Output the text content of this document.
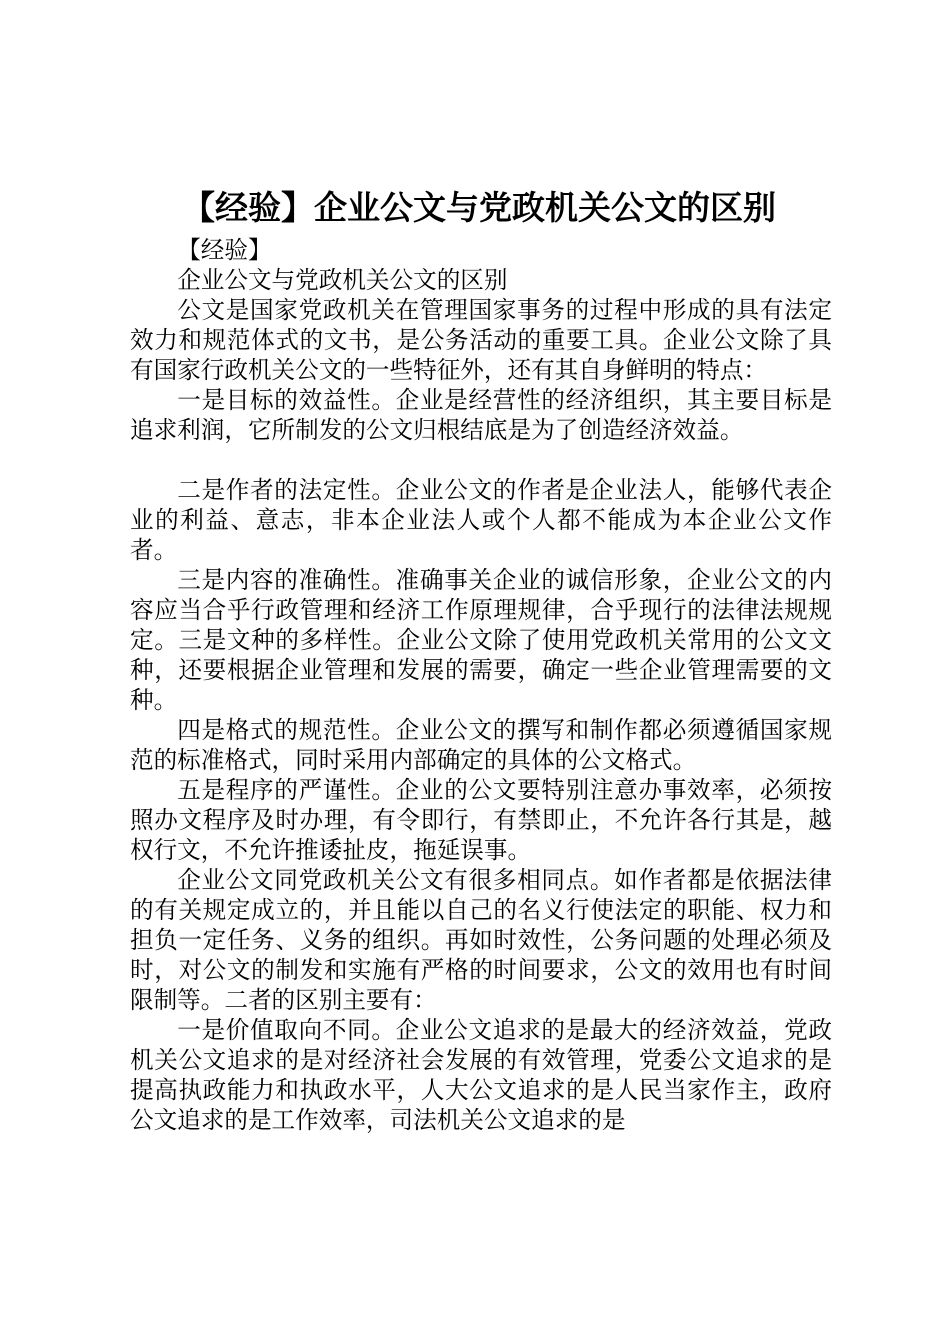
【经验】企业公文与党政机关公文的区别

【经验】

企业公文与党政机关公文的区别

公文是国家党政机关在管理国家事务的过程中形成的具有法定效力和规范体式的文书，是公务活动的重要工具。企业公文除了具有国家行政机关公文的一些特征外，还有其自身鲜明的特点：

一是目标的效益性。企业是经营性的经济组织，其主要目标是追求利润，它所制发的公文归根结底是为了创造经济效益。

二是作者的法定性。企业公文的作者是企业法人，能够代表企业的利益、意志，非本企业法人或个人都不能成为本企业公文作者。

三是内容的准确性。准确事关企业的诚信形象，企业公文的内容应当合乎行政管理和经济工作原理规律，合乎现行的法律法规规定。三是文种的多样性。企业公文除了使用党政机关常用的公文文种，还要根据企业管理和发展的需要，确定一些企业管理需要的文种。

四是格式的规范性。企业公文的撰写和制作都必须遵循国家规范的标准格式，同时采用内部确定的具体的公文格式。

五是程序的严谨性。企业的公文要特别注意办事效率，必须按照办文程序及时办理，有令即行，有禁即止，不允许各行其是，越权行文，不允许推诿扯皮，拖延误事。

企业公文同党政机关公文有很多相同点。如作者都是依据法律的有关规定成立的，并且能以自己的名义行使法定的职能、权力和担负一定任务、义务的组织。再如时效性，公务问题的处理必须及时，对公文的制发和实施有严格的时间要求，公文的效用也有时间限制等。二者的区别主要有：

一是价值取向不同。企业公文追求的是最大的经济效益，党政机关公文追求的是对经济社会发展的有效管理，党委公文追求的是提高执政能力和执政水平，人大公文追求的是人民当家作主，政府公文追求的是工作效率，司法机关公文追求的是
